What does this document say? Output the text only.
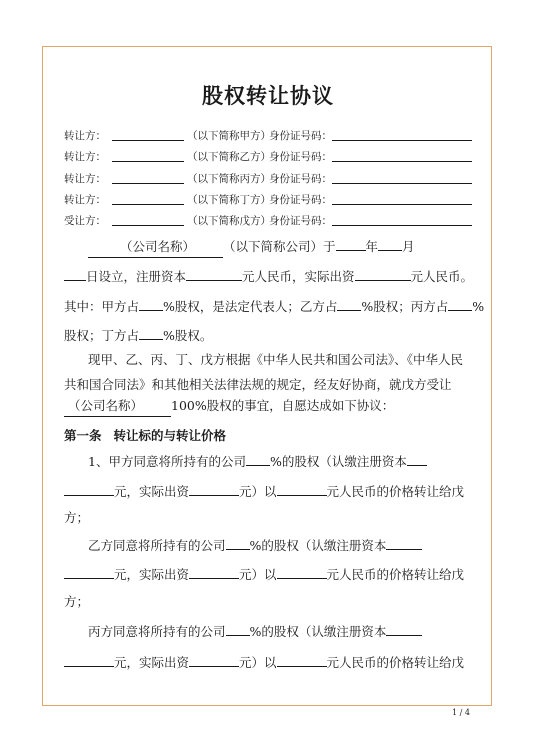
股权转让协议
转让方：	（以下简称甲方）
身份证号码：
转让方：	（以下简称乙方）
身份证号码：
转让方：	（以下简称丙方）
身份证号码：
转让方：	（以下简称丁方）
身份证号码：
受让方：	（以下简称戊方）
身份证号码：
（公司名称） （以下简称公司）于 年 月
日设立，注册资本	元人民币，实际出资	元人民币。
其中：甲方占 %股权，是法定代表人；乙方占 %股权；丙方占 %
股权；丁方占 %股权。
现甲、乙、丙、丁、戊方根据《中华人民共和国公司法》、《中华人民
共和国合同法》和其他相关法律法规的规定，经友好协商，就戊方受让
（公司名称） 100%股权的事宜，自愿达成如下协议：
第一条 转让标的与转让价格
1、甲方同意将所持有的公司 %的股权（认缴注册资本
元，实际出资	元）以	元人民币的价格转让给戊
方；
乙方同意将所持有的公司 %的股权（认缴注册资本
元，实际出资	元）以	元人民币的价格转让给戊
方；
丙方同意将所持有的公司 %的股权（认缴注册资本
元，实际出资	元）以	元人民币的价格转让给戊
1 / 4
